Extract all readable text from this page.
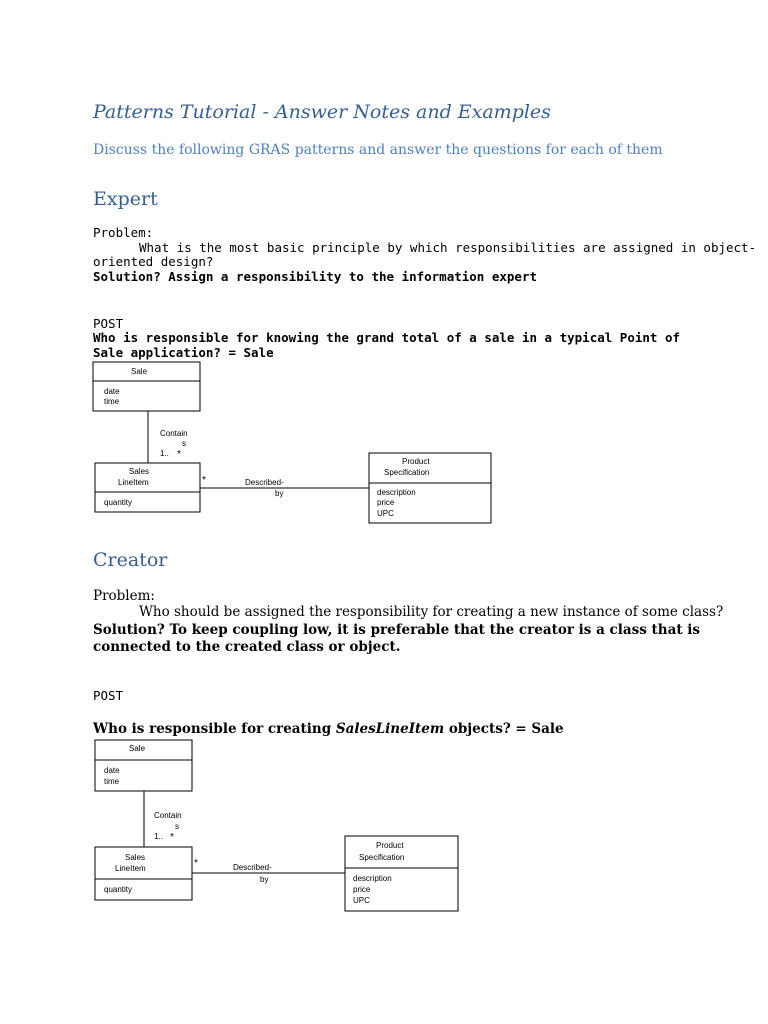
Patterns Tutorial - Answer Notes and Examples
Discuss the following GRAS patterns and answer the questions for each of them
Expert
Problem:
What is the most basic principle by which responsibilities are assigned in object-
oriented design?
Solution? Assign a responsibility to the information expert
POST
Who is responsible for knowing the grand total of a sale in a typical Point of
Sale application? = Sale
Creator
Problem:
Who should be assigned the responsibility for creating a new instance of some class?
Solution? To keep coupling low, it is preferable that the creator is a class that is
connected to the created class or object.
POST
Who is responsible for creating SalesLineItem objects? = Sale
Sale
date
time
Contain
s
1.. *
Sales
LineItem
quantity
*	Described-
by
Product
Specification
description
price
UPC
Sale
date
time
Contain
s
1.. *
Sales
LineItem
quantity
*	Described-
by
Product
Specification
description
price
UPC
